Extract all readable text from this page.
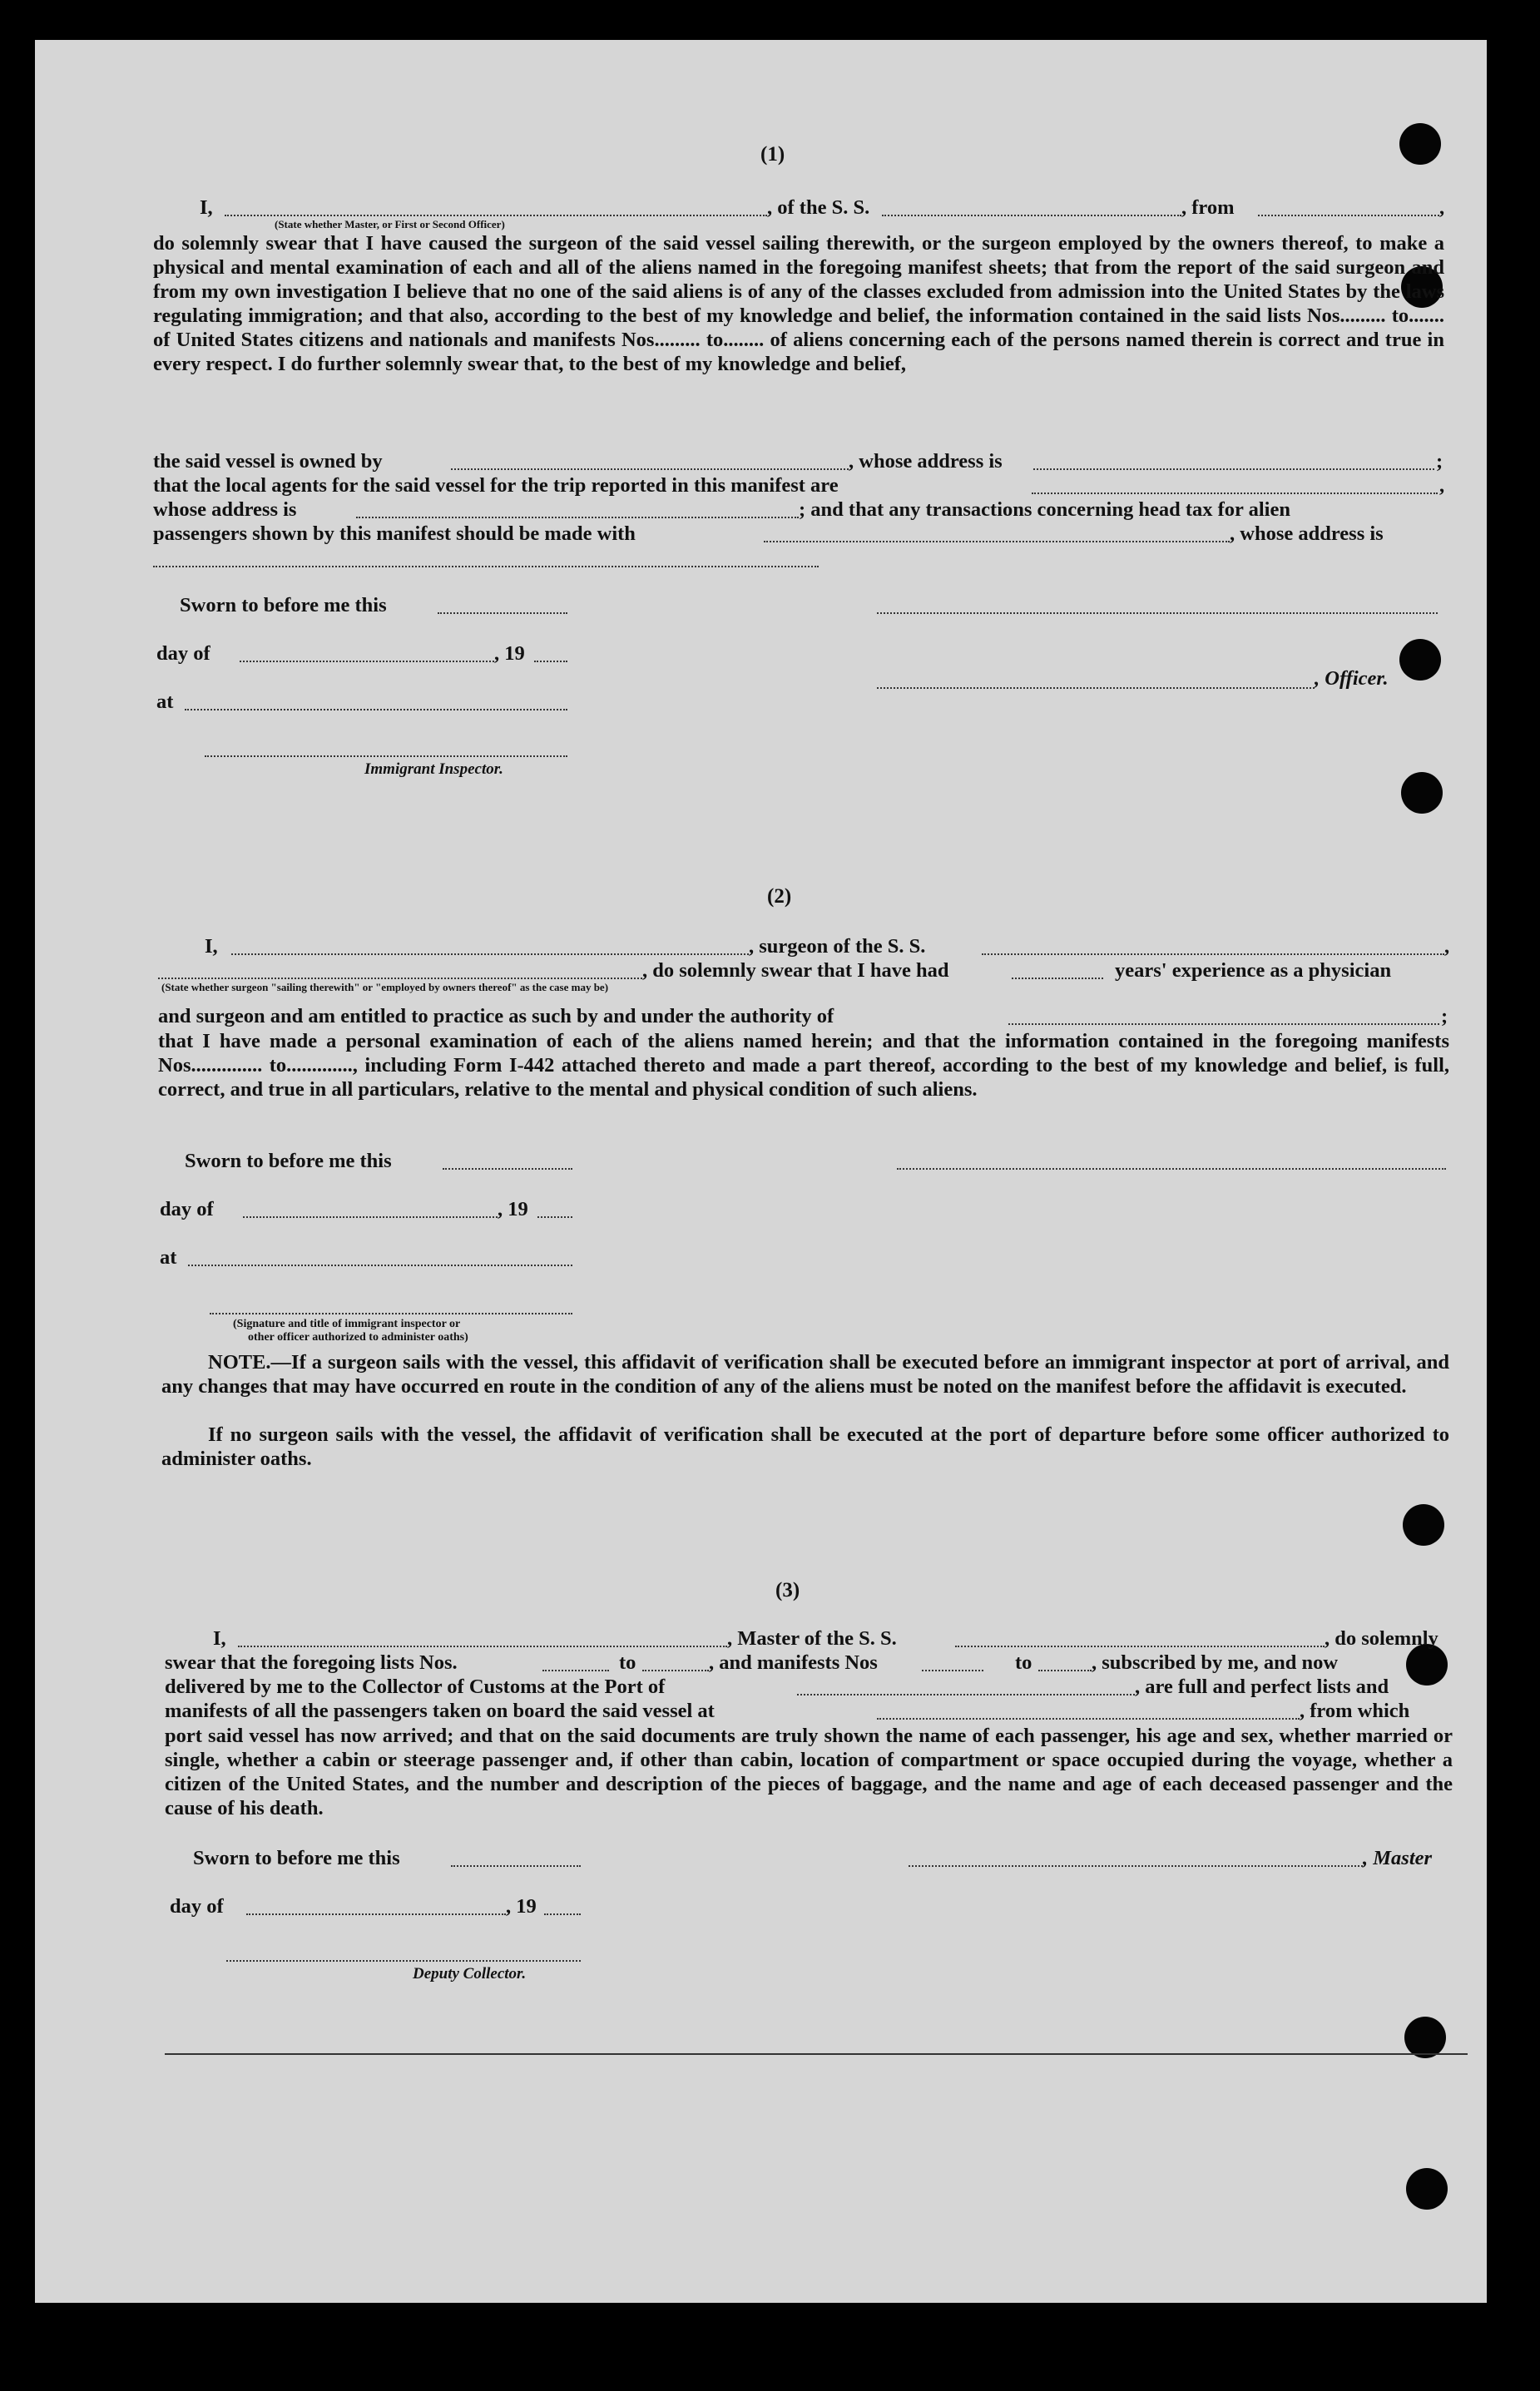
(1)
I,	, of the S. S.	, from	,
(State whether Master, or First or Second Officer)
do solemnly swear that I have caused the surgeon of the said vessel sailing therewith, or the surgeon employed by the owners thereof, to make a physical and mental examination of each and all of the aliens named in the foregoing manifest sheets; that from the report of the said surgeon and from my own investigation I believe that no one of the said aliens is of any of the classes excluded from admission into the United States by the laws regulating immigration; and that also, according to the best of my knowledge and belief, the information contained in the said lists Nos......... to....... of United States citizens and nationals and manifests Nos......... to........ of aliens concerning each of the persons named therein is correct and true in every respect. I do further solemnly swear that, to the best of my knowledge and belief,
the said vessel is owned by	, whose address is	;
that the local agents for the said vessel for the trip reported in this manifest are	,
whose address is	; and that any transactions concerning head tax for alien
passengers shown by this manifest should be made with	, whose address is
Sworn to before me this
day of	, 19
, Officer.
at
Immigrant Inspector.
(2)
I,	, surgeon of the S. S.	,
, do solemnly swear that I have had	years' experience as a physician
(State whether surgeon "sailing therewith" or "employed by owners thereof" as the case may be)
and surgeon and am entitled to practice as such by and under the authority of	;
that I have made a personal examination of each of the aliens named herein; and that the information contained in the foregoing manifests Nos.............. to............., including Form I-442 attached thereto and made a part thereof, according to the best of my knowledge and belief, is full, correct, and true in all particulars, relative to the mental and physical condition of such aliens.
Sworn to before me this
day of	, 19
at
(Signature and title of immigrant inspector or
other officer authorized to administer oaths)
NOTE.—If a surgeon sails with the vessel, this affidavit of verification shall be executed before an immigrant inspector at port of arrival, and any changes that may have occurred en route in the condition of any of the aliens must be noted on the manifest before the affidavit is executed.
If no surgeon sails with the vessel, the affidavit of verification shall be executed at the port of departure before some officer authorized to administer oaths.
(3)
I,	, Master of the S. S.	, do solemnly
swear that the foregoing lists Nos.	to	, and manifests Nos	to	, subscribed by me, and now
delivered by me to the Collector of Customs at the Port of	, are full and perfect lists and
manifests of all the passengers taken on board the said vessel at	, from which
port said vessel has now arrived; and that on the said documents are truly shown the name of each passenger, his age and sex, whether married or single, whether a cabin or steerage passenger and, if other than cabin, location of compartment or space occupied during the voyage, whether a citizen of the United States, and the number and description of the pieces of baggage, and the name and age of each deceased passenger and the cause of his death.
Sworn to before me this	, Master
day of	, 19
Deputy Collector.
